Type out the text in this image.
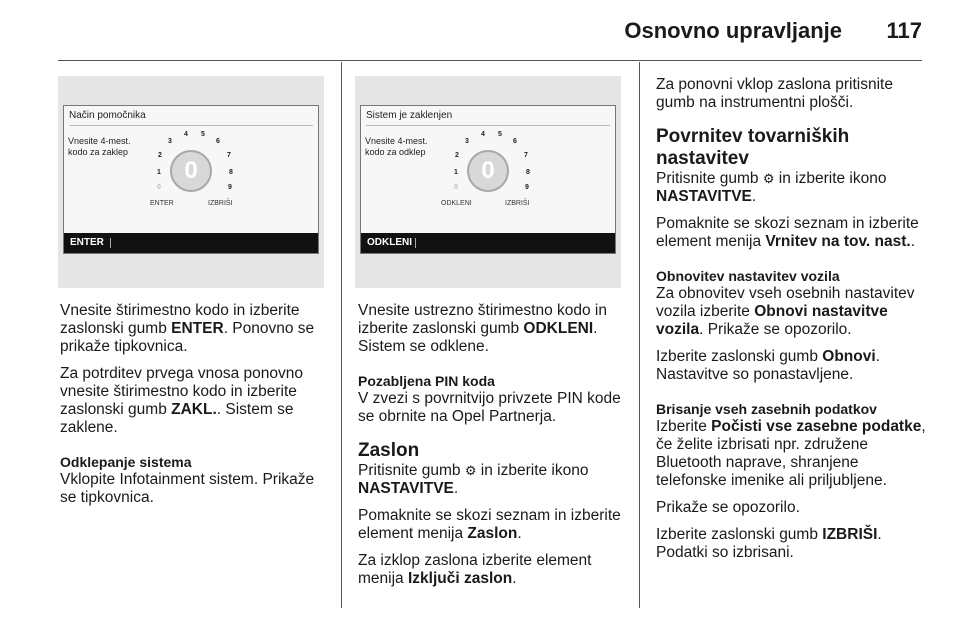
Osnovno upravljanje 117
Način pomočnika
Vnesite 4-mest.
kodo za zaklep
0
1
2
3
4 5
6
7
8
9
0
ENTER	IZBRIŠI
ENTER
Sistem je zaklenjen
Vnesite 4-mest.
kodo za odklep
0
1
2
3
4 5
6
7
8
9
0
ODKLENI	IZBRIŠI
ODKLENI

Vnesite štirimestno kodo in izberite zaslonski gumb ENTER. Ponovno se prikaže tipkovnica.

Za potrditev prvega vnosa ponovno vnesite štirimestno kodo in izberite zaslonski gumb ZAKL.. Sistem se zaklene.

Odklepanje sistema

Vklopite Infotainment sistem. Prikaže se tipkovnica.

Vnesite ustrezno štirimestno kodo in izberite zaslonski gumb ODKLENI. Sistem se odklene.

Pozabljena PIN koda

V zvezi s povrnitvijo privzete PIN kode se obrnite na Opel Partnerja.

Zaslon

Pritisnite gumb ⚙ in izberite ikono NASTAVITVE.

Pomaknite se skozi seznam in izberite element menija Zaslon.

Za izklop zaslona izberite element menija Izključi zaslon.

Za ponovni vklop zaslona pritisnite gumb na instrumentni plošči.

Povrnitev tovarniških nastavitev

Pritisnite gumb ⚙ in izberite ikono NASTAVITVE.

Pomaknite se skozi seznam in izberite element menija Vrnitev na tov. nast..

Obnovitev nastavitev vozila

Za obnovitev vseh osebnih nastavitev vozila izberite Obnovi nastavitve vozila. Prikaže se opozorilo.

Izberite zaslonski gumb Obnovi. Nastavitve so ponastavljene.

Brisanje vseh zasebnih podatkov

Izberite Počisti vse zasebne podatke, če želite izbrisati npr. združene Bluetooth naprave, shranjene telefonske imenike ali priljubljene.

Prikaže se opozorilo.

Izberite zaslonski gumb IZBRIŠI. Podatki so izbrisani.
